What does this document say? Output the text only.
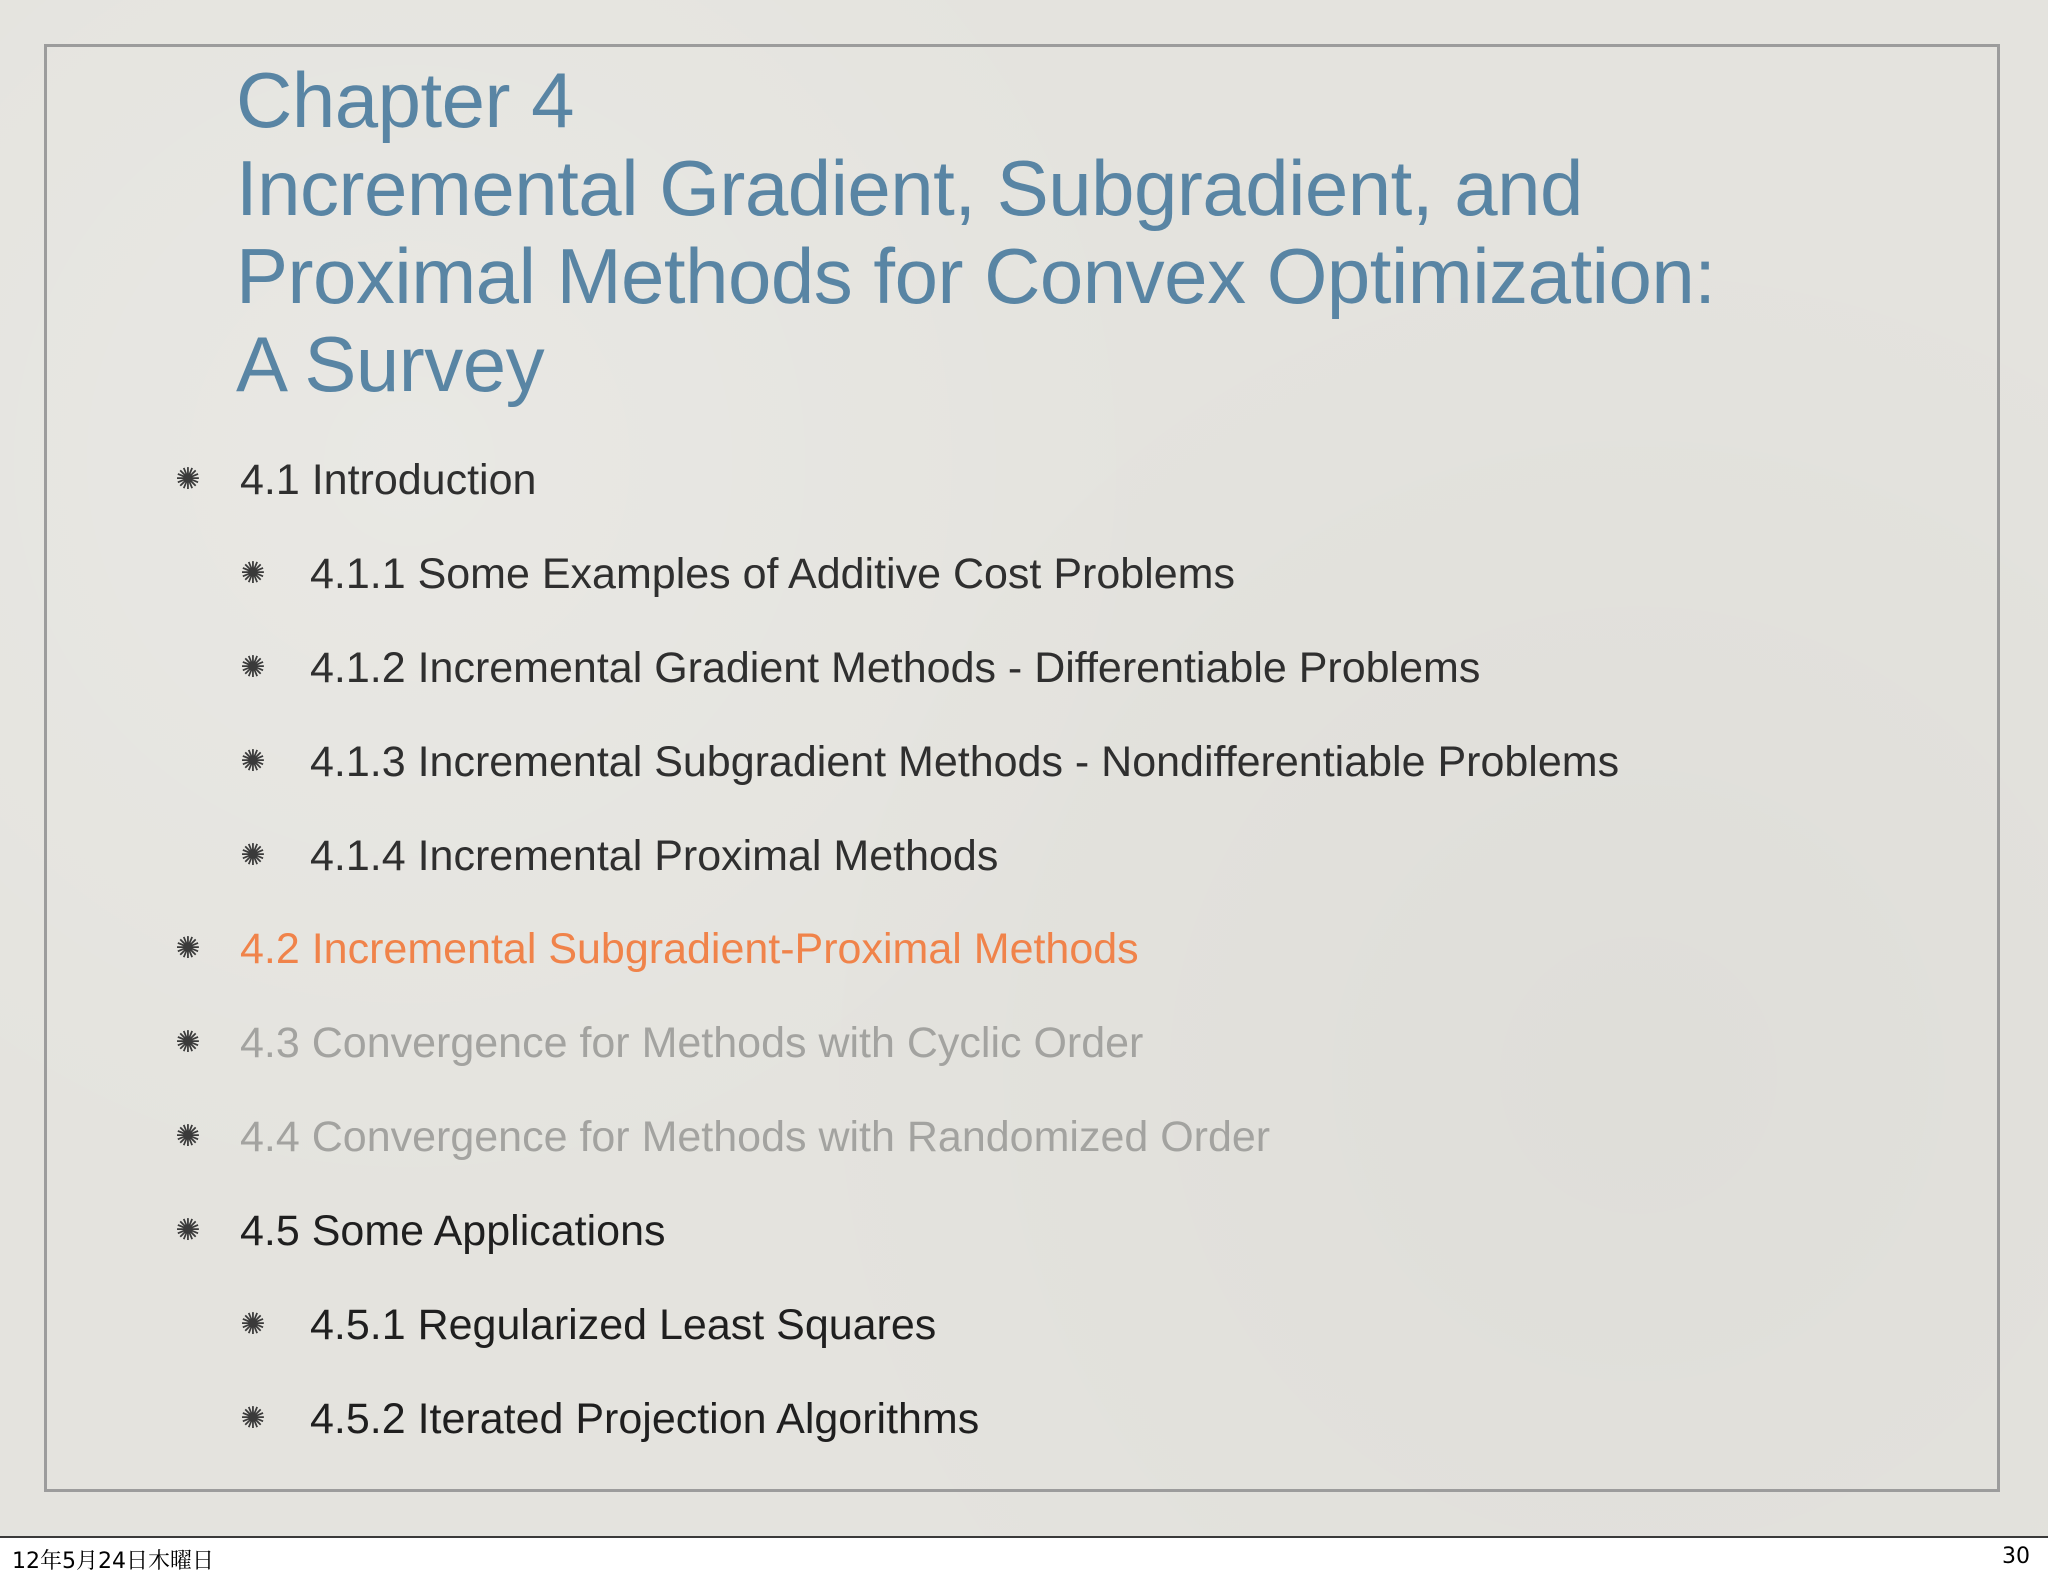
Chapter 4
Incremental Gradient, Subgradient, and
Proximal Methods for Convex Optimization:
A Survey
✺ 4.1 Introduction
✺ 4.1.1 Some Examples of Additive Cost Problems
✺ 4.1.2 Incremental Gradient Methods - Differentiable Problems
✺ 4.1.3 Incremental Subgradient Methods - Nondifferentiable Problems
✺ 4.1.4 Incremental Proximal Methods
✺ 4.2 Incremental Subgradient-Proximal Methods
✺ 4.3 Convergence for Methods with Cyclic Order
✺ 4.4 Convergence for Methods with Randomized Order
✺ 4.5 Some Applications
✺ 4.5.1 Regularized Least Squares
✺ 4.5.2 Iterated Projection Algorithms
12年5月24日木曜日	30
